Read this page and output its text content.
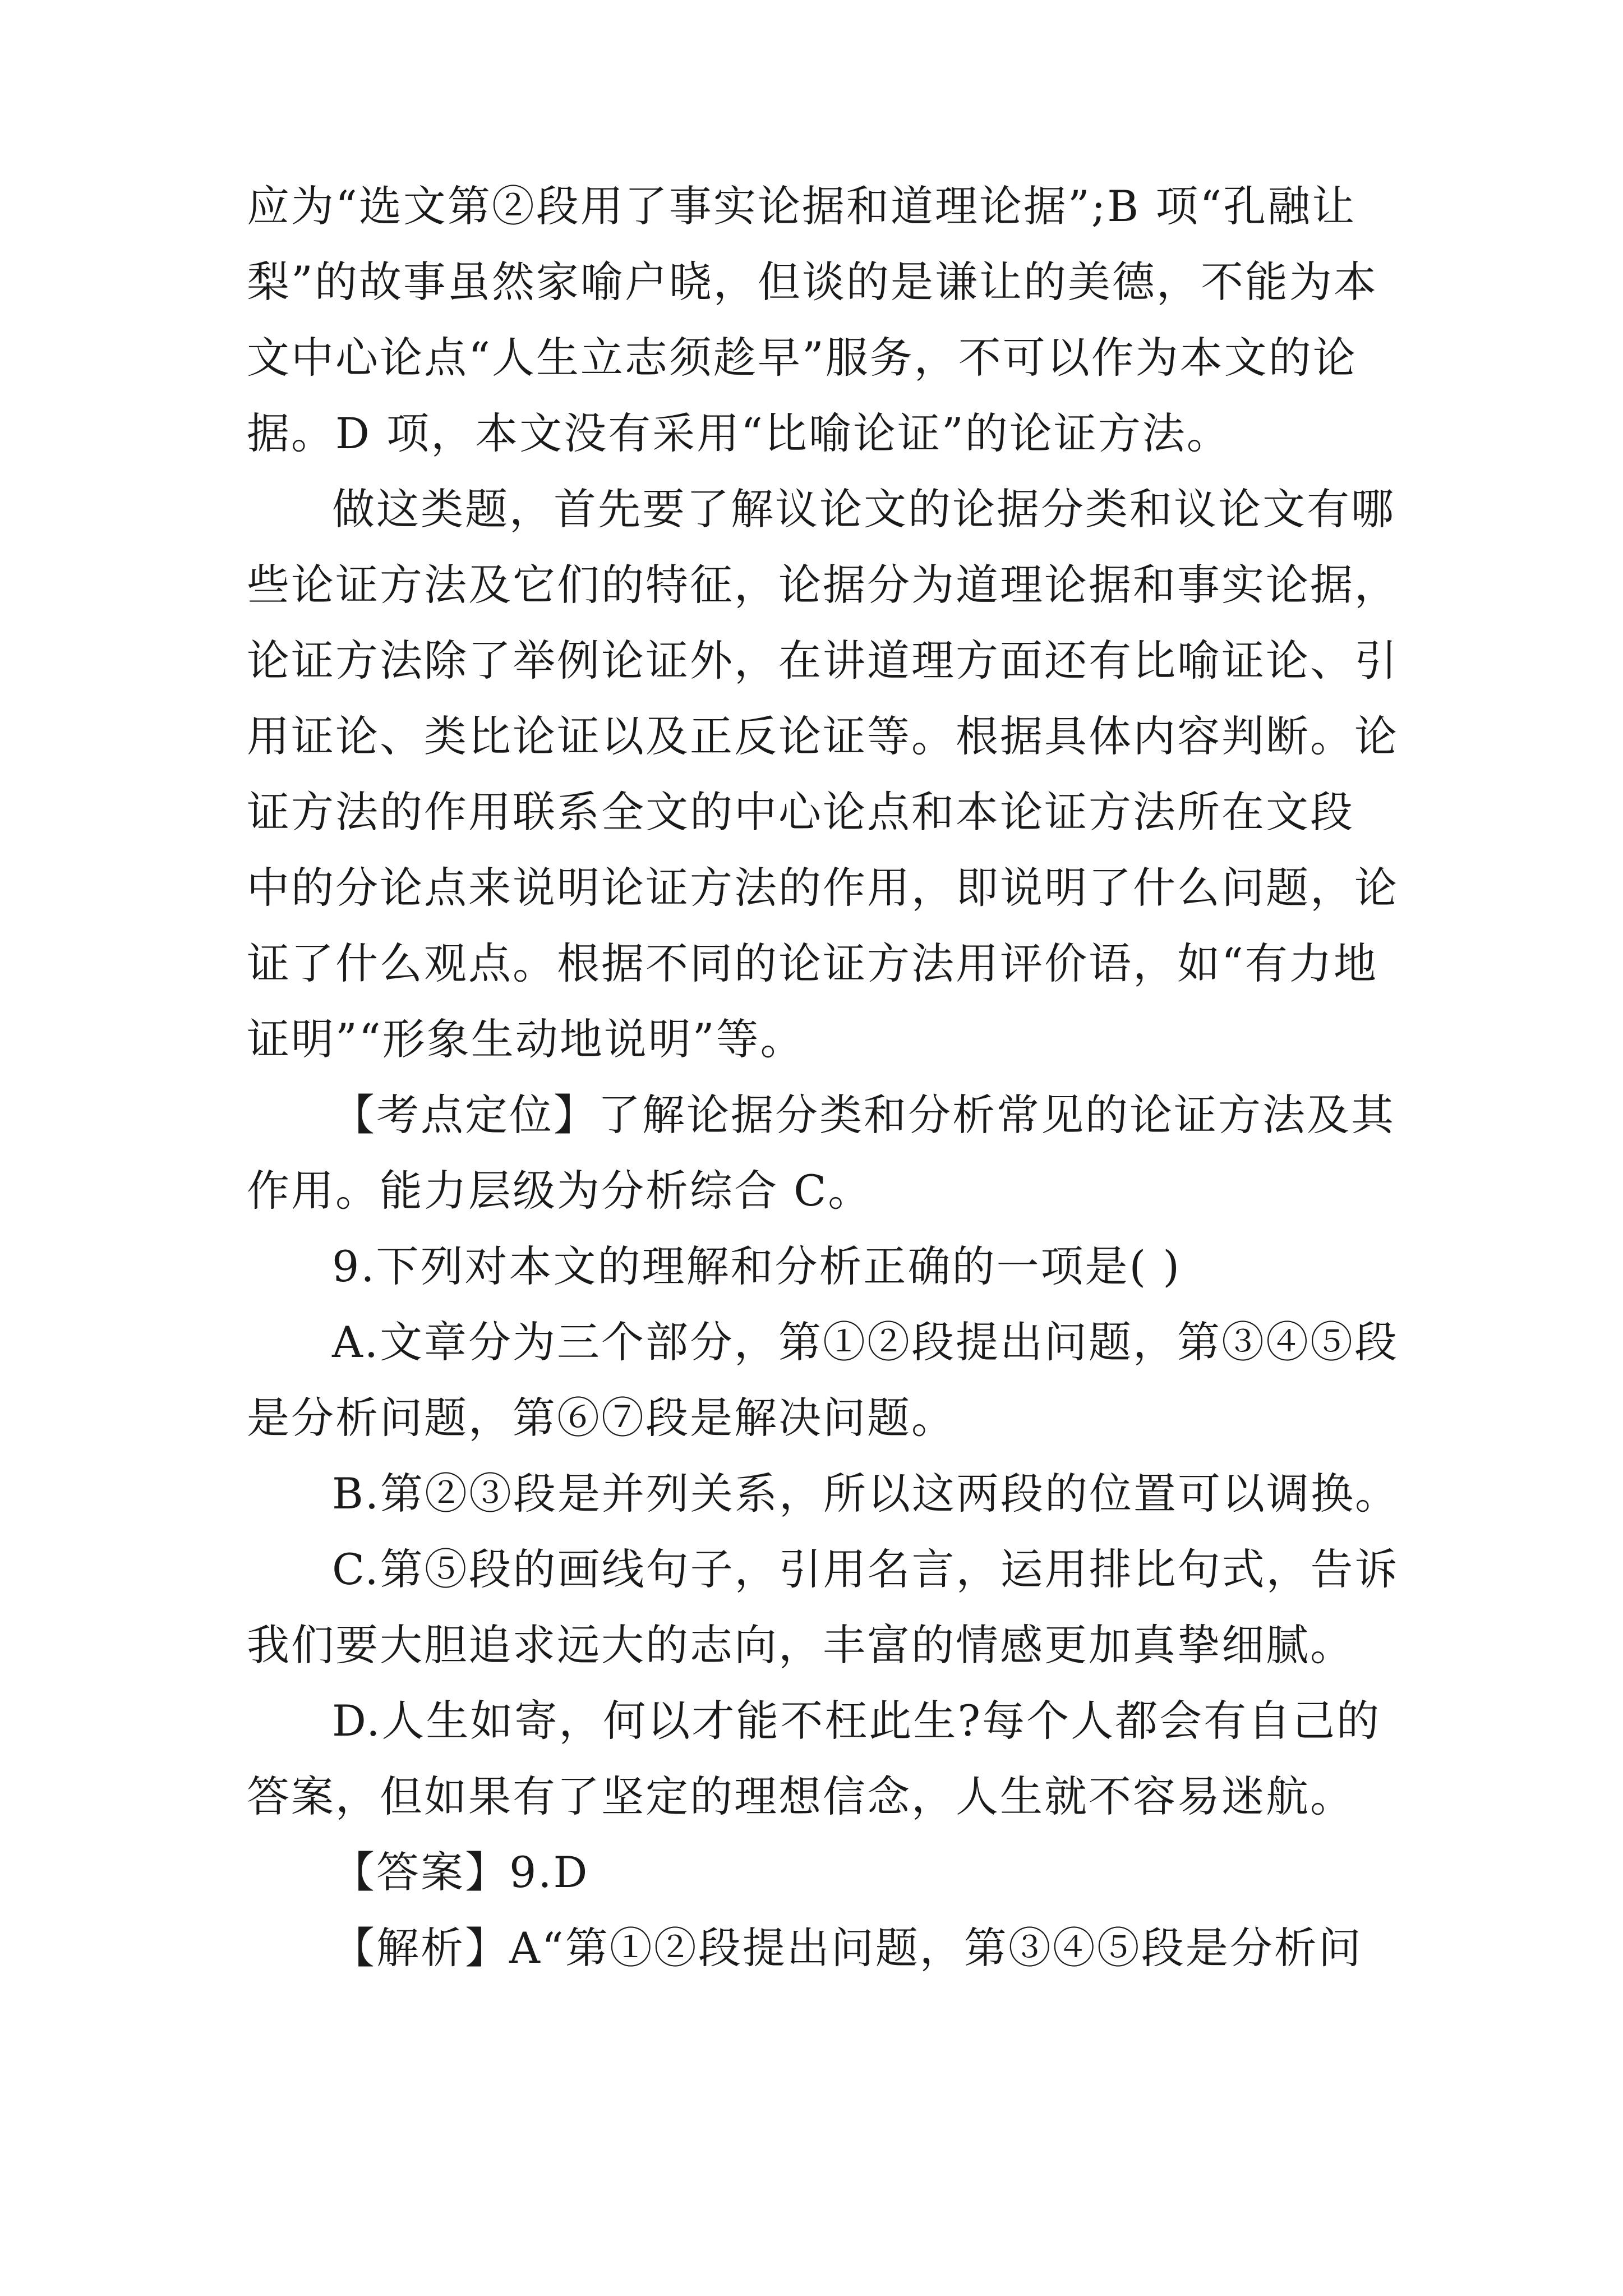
应为“选文第②段用了事实论据和道理论据”;B 项“孔融让
梨”的故事虽然家喻户晓，但谈的是谦让的美德，不能为本
文中心论点“人生立志须趁早”服务，不可以作为本文的论
据。D 项，本文没有采用“比喻论证”的论证方法。

做这类题，首先要了解议论文的论据分类和议论文有哪
些论证方法及它们的特征，论据分为道理论据和事实论据，
论证方法除了举例论证外，在讲道理方面还有比喻证论、引
用证论、类比论证以及正反论证等。根据具体内容判断。论
证方法的作用联系全文的中心论点和本论证方法所在文段
中的分论点来说明论证方法的作用，即说明了什么问题，论
证了什么观点。根据不同的论证方法用评价语，如“有力地
证明”“形象生动地说明”等。

【考点定位】了解论据分类和分析常见的论证方法及其
作用。能力层级为分析综合 C。

9.下列对本文的理解和分析正确的一项是( )

A.文章分为三个部分，第①②段提出问题，第③④⑤段
是分析问题，第⑥⑦段是解决问题。

B.第②③段是并列关系，所以这两段的位置可以调换。

C.第⑤段的画线句子，引用名言，运用排比句式，告诉
我们要大胆追求远大的志向，丰富的情感更加真挚细腻。

D.人生如寄，何以才能不枉此生?每个人都会有自己的
答案，但如果有了坚定的理想信念，人生就不容易迷航。

【答案】9.D

【解析】A“第①②段提出问题，第③④⑤段是分析问
